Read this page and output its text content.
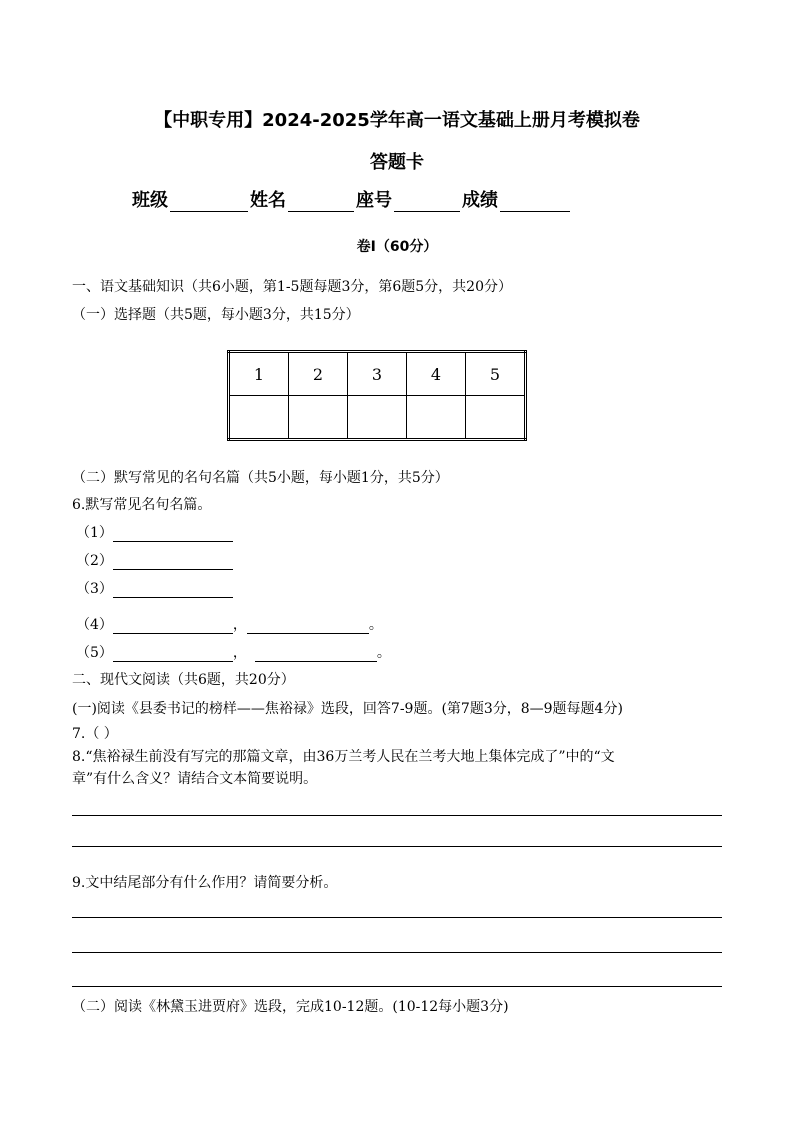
【中职专用】2024-2025学年高一语文基础上册月考模拟卷
答题卡
班级	姓名	座号	成绩
卷Ⅰ（60分）
一、语文基础知识（共6小题，第1-5题每题3分，第6题5分，共20分）
（一）选择题（共5题，每小题3分，共15分）
1	2	3	4	5

（二）默写常见的名句名篇（共5小题，每小题1分，共5分）
6.默写常见名句名篇。
（1）
（2）
（3）
（4）	，	。
（5）	，	。
二、现代文阅读（共6题，共20分）
(一)阅读《县委书记的榜样——焦裕禄》选段，回答7-9题。(第7题3分，8—9题每题4分)
7.（ ）
8.“焦裕禄生前没有写完的那篇文章，由36万兰考人民在兰考大地上集体完成了”中的“文
章”有什么含义？请结合文本简要说明。
9.文中结尾部分有什么作用？请简要分析。
（二）阅读《林黛玉进贾府》选段，完成10-12题。(10-12每小题3分)
